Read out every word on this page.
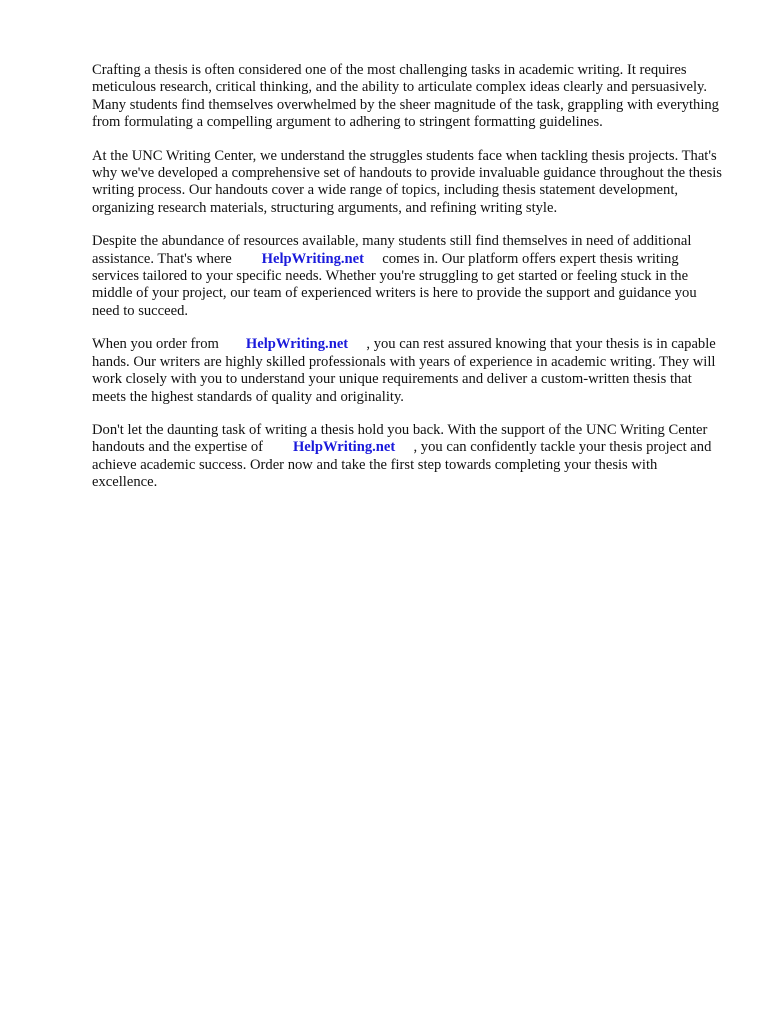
Crafting a thesis is often considered one of the most challenging tasks in academic writing. It requires meticulous research, critical thinking, and the ability to articulate complex ideas clearly and persuasively. Many students find themselves overwhelmed by the sheer magnitude of the task, grappling with everything from formulating a compelling argument to adhering to stringent formatting guidelines.

At the UNC Writing Center, we understand the struggles students face when tackling thesis projects. That's why we've developed a comprehensive set of handouts to provide invaluable guidance throughout the thesis writing process. Our handouts cover a wide range of topics, including thesis statement development, organizing research materials, structuring arguments, and refining writing style.

Despite the abundance of resources available, many students still find themselves in need of additional assistance. That's where HelpWriting.net comes in. Our platform offers expert thesis writing services tailored to your specific needs. Whether you're struggling to get started or feeling stuck in the middle of your project, our team of experienced writers is here to provide the support and guidance you need to succeed.

When you order from HelpWriting.net , you can rest assured knowing that your thesis is in capable hands. Our writers are highly skilled professionals with years of experience in academic writing. They will work closely with you to understand your unique requirements and deliver a custom-written thesis that meets the highest standards of quality and originality.

Don't let the daunting task of writing a thesis hold you back. With the support of the UNC Writing Center handouts and the expertise of HelpWriting.net , you can confidently tackle your thesis project and achieve academic success. Order now and take the first step towards completing your thesis with excellence.
